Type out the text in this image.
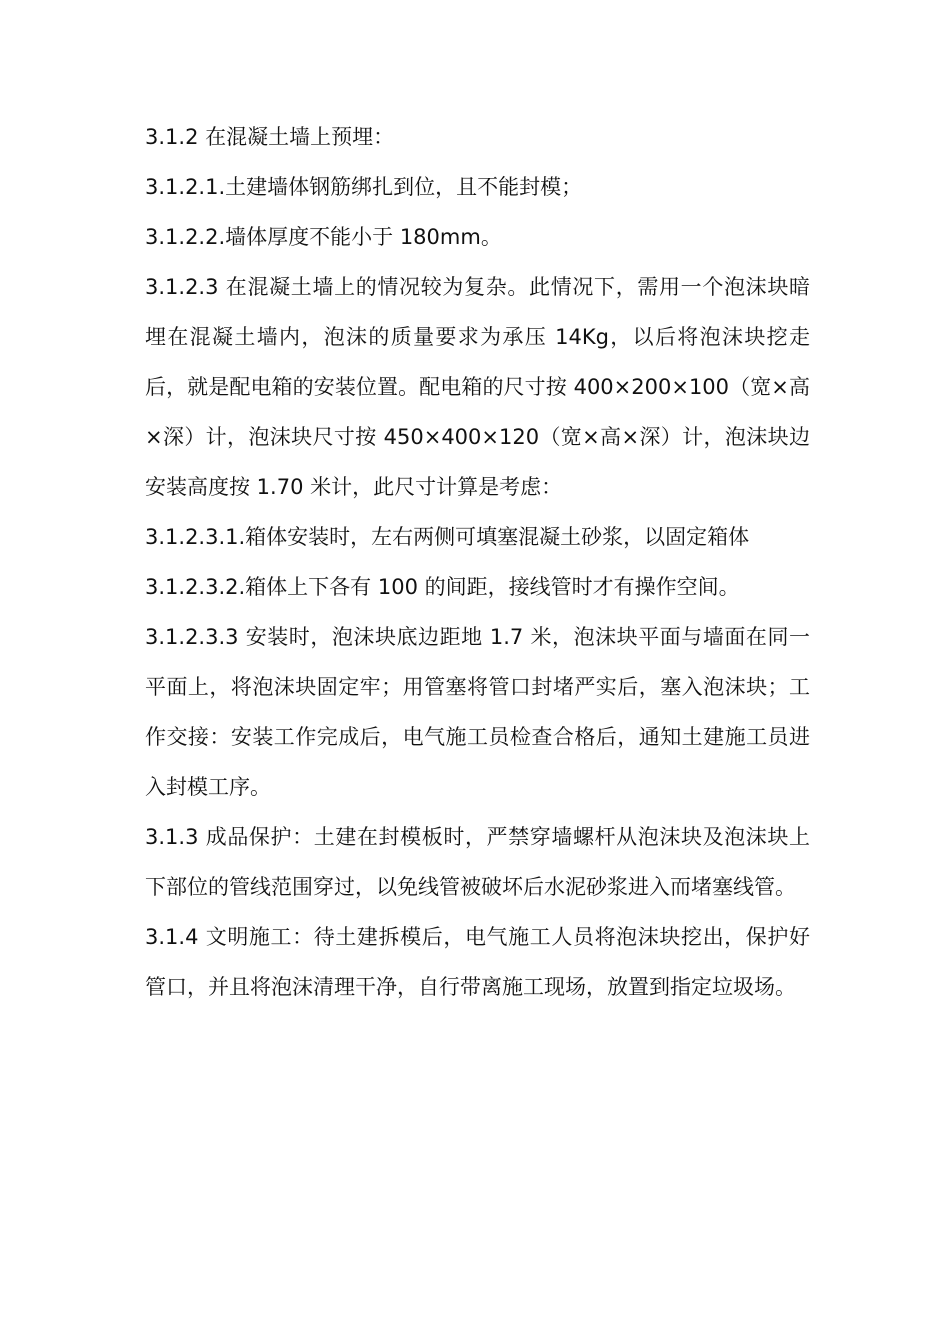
3.1.2 在混凝土墙上预埋：

3.1.2.1.土建墙体钢筋绑扎到位，且不能封模；

3.1.2.2.墙体厚度不能小于 180mm。

3.1.2.3 在混凝土墙上的情况较为复杂。此情况下，需用一个泡沫块暗埋在混凝土墙内，泡沫的质量要求为承压 14Kg，以后将泡沫块挖走后，就是配电箱的安装位置。配电箱的尺寸按 400×200×100（宽×高×深）计，泡沫块尺寸按 450×400×120（宽×高×深）计，泡沫块边安装高度按 1.70 米计，此尺寸计算是考虑：

3.1.2.3.1.箱体安装时，左右两侧可填塞混凝土砂浆，以固定箱体

3.1.2.3.2.箱体上下各有 100 的间距，接线管时才有操作空间。

3.1.2.3.3 安装时，泡沫块底边距地 1.7 米，泡沫块平面与墙面在同一平面上，将泡沫块固定牢；用管塞将管口封堵严实后，塞入泡沫块；工作交接：安装工作完成后，电气施工员检查合格后，通知土建施工员进入封模工序。

3.1.3 成品保护：土建在封模板时，严禁穿墙螺杆从泡沫块及泡沫块上下部位的管线范围穿过，以免线管被破坏后水泥砂浆进入而堵塞线管。

3.1.4 文明施工：待土建拆模后，电气施工人员将泡沫块挖出，保护好管口，并且将泡沫清理干净，自行带离施工现场，放置到指定垃圾场。
